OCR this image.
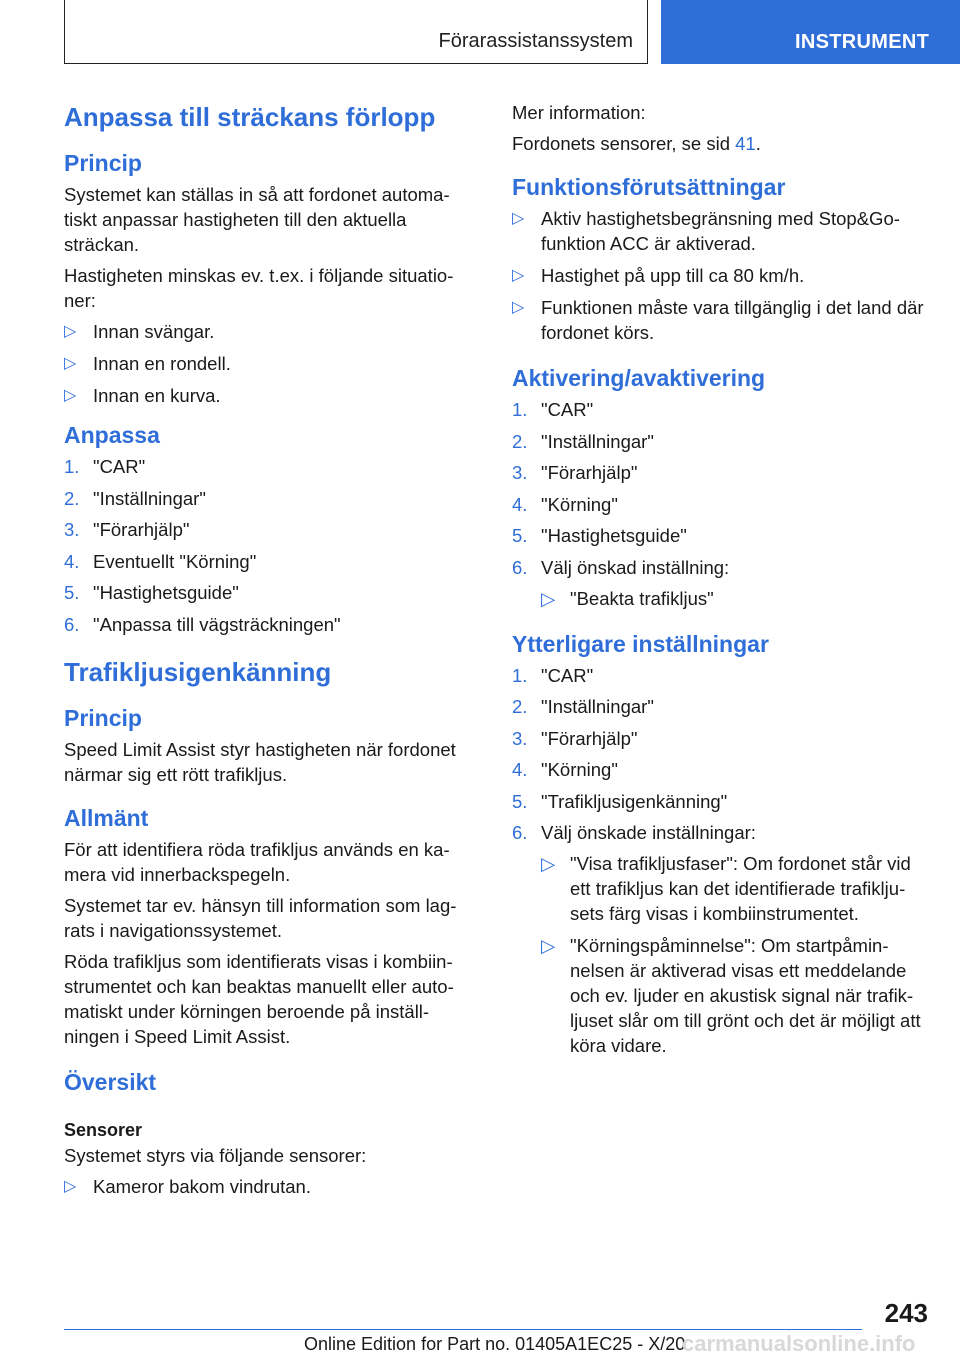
Förarassistanssystem	INSTRUMENT
Anpassa till sträckans förlopp
Princip

Systemet kan ställas in så att fordonet automatiskt anpassar hastigheten till den aktuella sträckan.

Hastigheten minskas ev. t.ex. i följande situationer:

▷ Innan svängar.
▷ Innan en rondell.
▷ Innan en kurva.
Anpassa
1. "CAR"
2. "Inställningar"
3. "Förarhjälp"
4. Eventuellt "Körning"
5. "Hastighetsguide"
6. "Anpassa till vägsträckningen"
Trafikljusigenkänning
Princip

Speed Limit Assist styr hastigheten när fordonet närmar sig ett rött trafikljus.

Allmänt

För att identifiera röda trafikljus används en kamera vid innerbackspegeln.

Systemet tar ev. hänsyn till information som lagrats i navigationssystemet.

Röda trafikljus som identifierats visas i kombiinstrumentet och kan beaktas manuellt eller automatiskt under körningen beroende på inställningen i Speed Limit Assist.

Översikt
Sensorer

Systemet styrs via följande sensorer:

▷ Kameror bakom vindrutan.

Mer information:

Fordonets sensorer, se sid 41.

Funktionsförutsättningar
▷ Aktiv hastighetsbegränsning med Stop&Go-funktion ACC är aktiverad.
▷ Hastighet på upp till ca 80 km/h.
▷ Funktionen måste vara tillgänglig i det land där fordonet körs.
Aktivering/avaktivering
1. "CAR"
2. "Inställningar"
3. "Förarhjälp"
4. "Körning"
5. "Hastighetsguide"
6. Välj önskad inställning:
▷ "Beakta trafikljus"
Ytterligare inställningar
1. "CAR"
2. "Inställningar"
3. "Förarhjälp"
4. "Körning"
5. "Trafikljusigenkänning"
6. Välj önskade inställningar:
▷ "Visa trafikljusfaser": Om fordonet står vid ett trafikljus kan det identifierade trafikljusets färg visas i kombiinstrumentet.
▷ "Körningspåminnelse": Om startpåminnelsen är aktiverad visas ett meddelande och ev. ljuder en akustisk signal när trafikljuset slår om till grönt och det är möjligt att köra vidare.
243
Online Edition for Part no. 01405A1EC25 - X/20
carmanualsonline.info
